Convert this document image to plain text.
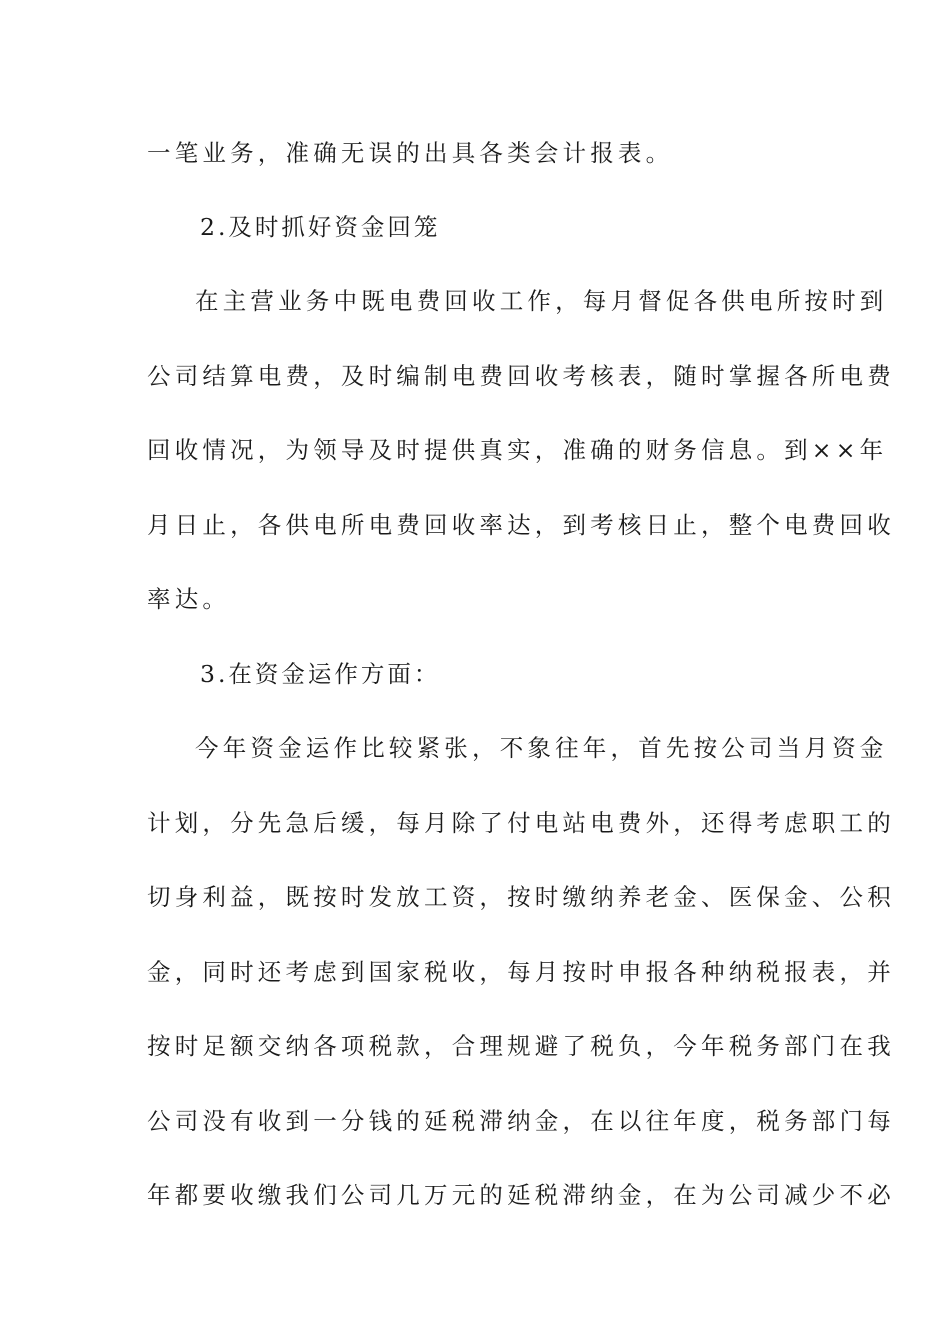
一笔业务，准确无误的出具各类会计报表。
2.及时抓好资金回笼
在主营业务中既电费回收工作，每月督促各供电所按时到
公司结算电费，及时编制电费回收考核表，随时掌握各所电费
回收情况，为领导及时提供真实，准确的财务信息。到××年
月日止，各供电所电费回收率达，到考核日止，整个电费回收
率达。
3.在资金运作方面：
今年资金运作比较紧张，不象往年，首先按公司当月资金
计划，分先急后缓，每月除了付电站电费外，还得考虑职工的
切身利益，既按时发放工资，按时缴纳养老金、医保金、公积
金，同时还考虑到国家税收，每月按时申报各种纳税报表，并
按时足额交纳各项税款，合理规避了税负，今年税务部门在我
公司没有收到一分钱的延税滞纳金，在以往年度，税务部门每
年都要收缴我们公司几万元的延税滞纳金，在为公司减少不必
